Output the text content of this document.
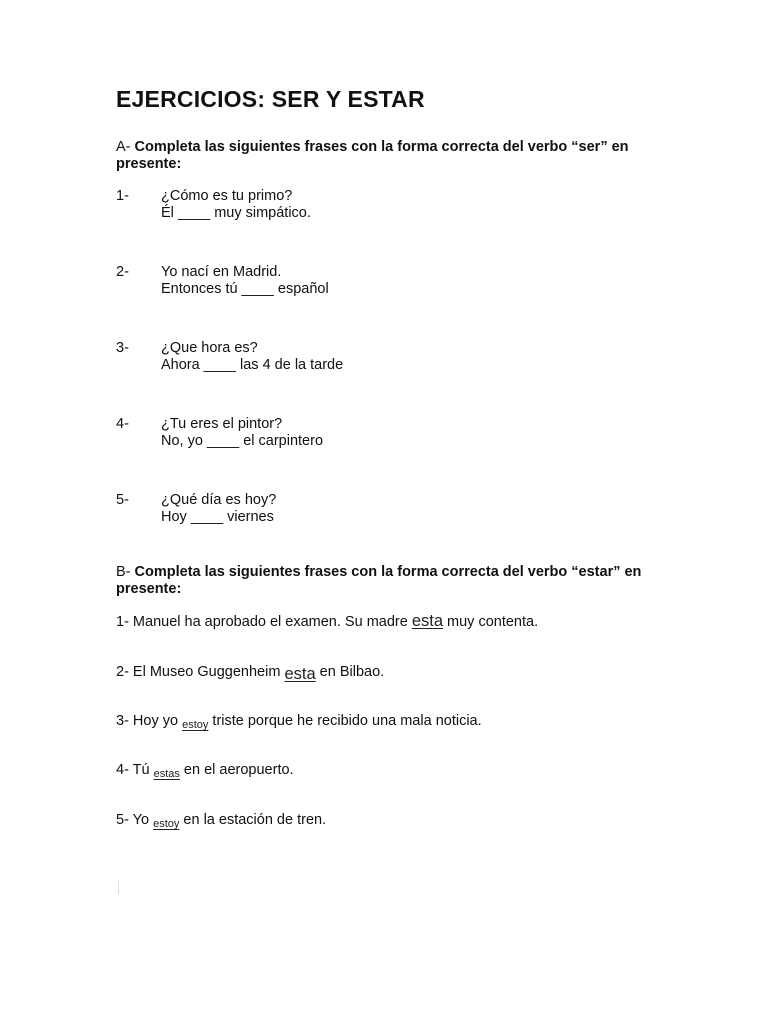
EJERCICIOS: SER Y ESTAR
A- Completa las siguientes frases con la forma correcta del verbo “ser” en presente:
1-	¿Cómo es tu primo?
Él ____ muy simpático.
2-	Yo nací en Madrid.
Entonces tú ____ español
3-	¿Que hora es?
Ahora ____ las 4 de la tarde
4-	¿Tu eres el pintor?
No, yo ____ el carpintero
5-	¿Qué día es hoy?
Hoy ____ viernes
B- Completa las siguientes frases con la forma correcta del verbo “estar” en presente:
1- Manuel ha aprobado el examen. Su madre esta muy contenta.
2- El Museo Guggenheim esta en Bilbao.
3- Hoy yo estoy triste porque he recibido una mala noticia.
4- Tú estas en el aeropuerto.
5- Yo estoy en la estación de tren.
